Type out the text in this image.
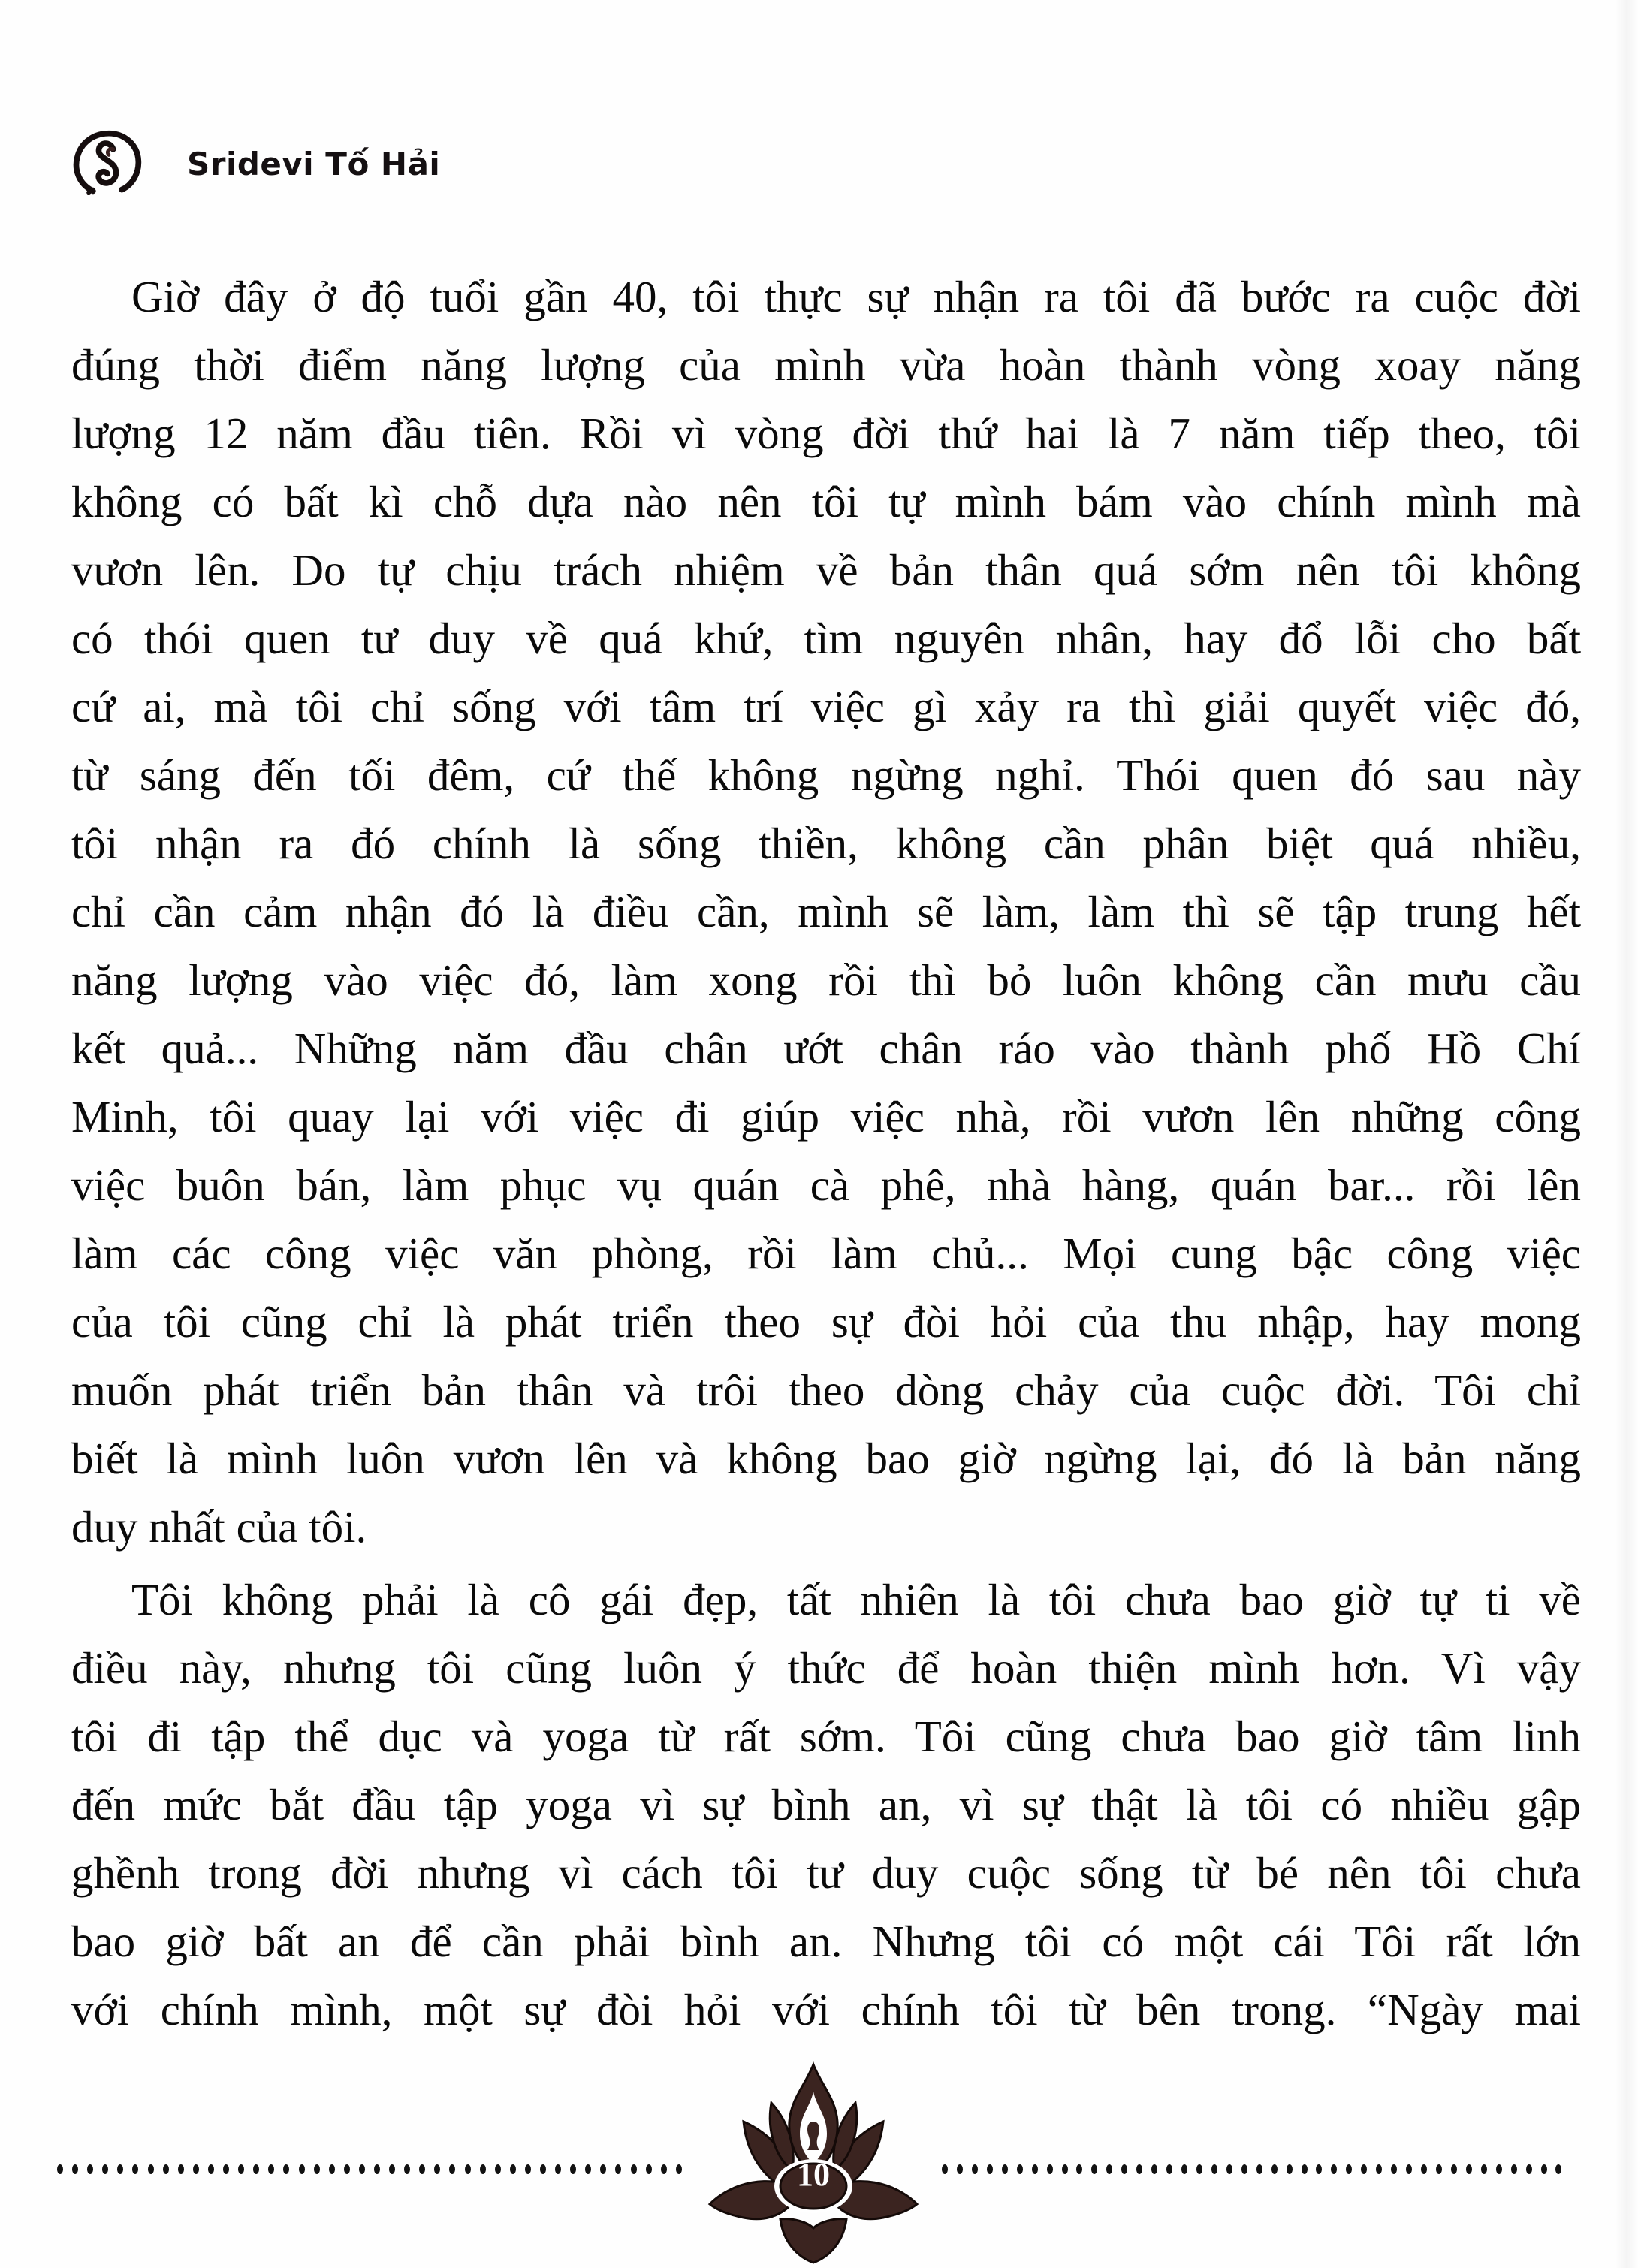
Sridevi Tố Hải
Giờ đây ở độ tuổi gần 40, tôi thực sự nhận ra tôi đã bước ra cuộc đời
đúng thời điểm năng lượng của mình vừa hoàn thành vòng xoay năng
lượng 12 năm đầu tiên. Rồi vì vòng đời thứ hai là 7 năm tiếp theo, tôi
không có bất kì chỗ dựa nào nên tôi tự mình bám vào chính mình mà
vươn lên. Do tự chịu trách nhiệm về bản thân quá sớm nên tôi không
có thói quen tư duy về quá khứ, tìm nguyên nhân, hay đổ lỗi cho bất
cứ ai, mà tôi chỉ sống với tâm trí việc gì xảy ra thì giải quyết việc đó,
từ sáng đến tối đêm, cứ thế không ngừng nghỉ. Thói quen đó sau này
tôi nhận ra đó chính là sống thiền, không cần phân biệt quá nhiều,
chỉ cần cảm nhận đó là điều cần, mình sẽ làm, làm thì sẽ tập trung hết
năng lượng vào việc đó, làm xong rồi thì bỏ luôn không cần mưu cầu
kết quả... Những năm đầu chân ướt chân ráo vào thành phố Hồ Chí
Minh, tôi quay lại với việc đi giúp việc nhà, rồi vươn lên những công
việc buôn bán, làm phục vụ quán cà phê, nhà hàng, quán bar... rồi lên
làm các công việc văn phòng, rồi làm chủ... Mọi cung bậc công việc
của tôi cũng chỉ là phát triển theo sự đòi hỏi của thu nhập, hay mong
muốn phát triển bản thân và trôi theo dòng chảy của cuộc đời. Tôi chỉ
biết là mình luôn vươn lên và không bao giờ ngừng lại, đó là bản năng
duy nhất của tôi.
Tôi không phải là cô gái đẹp, tất nhiên là tôi chưa bao giờ tự ti về
điều này, nhưng tôi cũng luôn ý thức để hoàn thiện mình hơn. Vì vậy
tôi đi tập thể dục và yoga từ rất sớm. Tôi cũng chưa bao giờ tâm linh
đến mức bắt đầu tập yoga vì sự bình an, vì sự thật là tôi có nhiều gập
ghềnh trong đời nhưng vì cách tôi tư duy cuộc sống từ bé nên tôi chưa
bao giờ bất an để cần phải bình an. Nhưng tôi có một cái Tôi rất lớn
với chính mình, một sự đòi hỏi với chính tôi từ bên trong. “Ngày mai
10
